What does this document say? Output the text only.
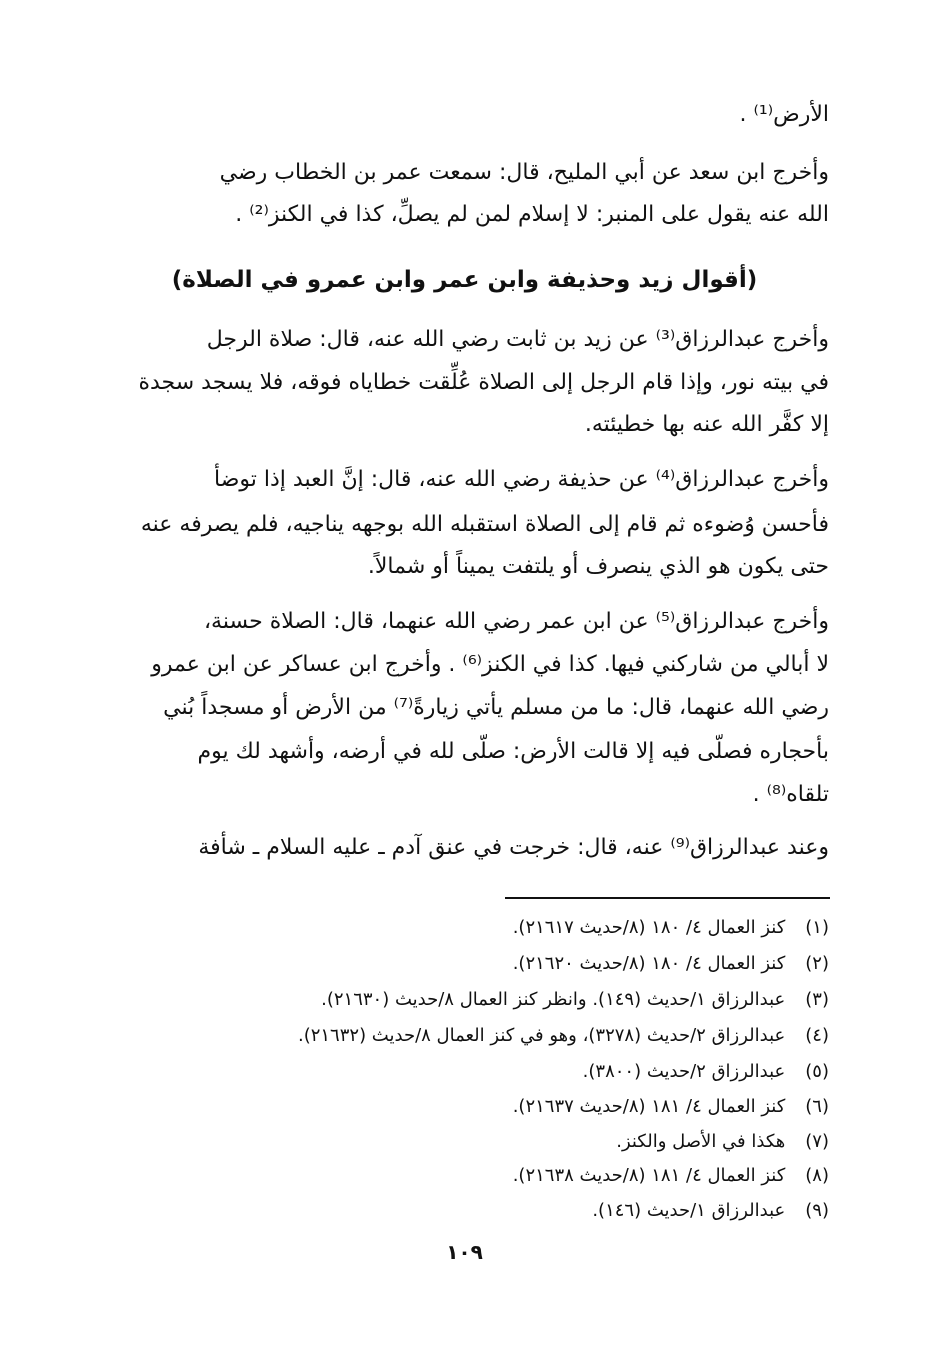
الأرض⁽¹⁾ .
وأخرج ابن سعد عن أبي المليح، قال: سمعت عمر بن الخطاب رضي
الله عنه يقول على المنبر: لا إسلام لمن لم يصلِّ، كذا في الكنز⁽²⁾ .
(أقوال زيد وحذيفة وابن عمر وابن عمرو في الصلاة)
وأخرج عبدالرزاق⁽³⁾ عن زيد بن ثابت رضي الله عنه، قال: صلاة الرجل
في بيته نور، وإذا قام الرجل إلى الصلاة عُلِّقت خطاياه فوقه، فلا يسجد سجدة
إلا كفَّر الله عنه بها خطيئته.
وأخرج عبدالرزاق⁽⁴⁾ عن حذيفة رضي الله عنه، قال: إنَّ العبد إذا توضأ
فأحسن وُضوءه ثم قام إلى الصلاة استقبله الله بوجهه يناجيه، فلم يصرفه عنه
حتى يكون هو الذي ينصرف أو يلتفت يميناً أو شمالاً.
وأخرج عبدالرزاق⁽⁵⁾ عن ابن عمر رضي الله عنهما، قال: الصلاة حسنة،
لا أبالي من شاركني فيها. كذا في الكنز⁽⁶⁾ . وأخرج ابن عساكر عن ابن عمرو
رضي الله عنهما، قال: ما من مسلم يأتي زيارةً⁽⁷⁾ من الأرض أو مسجداً بُني
بأحجاره فصلّى فيه إلا قالت الأرض: صلّى لله في أرضه، وأشهد لك يوم
تلقاه⁽⁸⁾ .
وعند عبدالرزاق⁽⁹⁾ عنه، قال: خرجت في عنق آدم ـ عليه السلام ـ شأفة
(١) كنز العمال ٤/ ١٨٠ (٨/حديث ٢١٦١٧).
(٢) كنز العمال ٤/ ١٨٠ (٨/حديث ٢١٦٢٠).
(٣) عبدالرزاق ١/حديث (١٤٩). وانظر كنز العمال ٨/حديث (٢١٦٣٠).
(٤) عبدالرزاق ٢/حديث (٣٢٧٨)، وهو في كنز العمال ٨/حديث (٢١٦٣٢).
(٥) عبدالرزاق ٢/حديث (٣٨٠٠).
(٦) كنز العمال ٤/ ١٨١ (٨/حديث ٢١٦٣٧).
(٧) هكذا في الأصل والكنز.
(٨) كنز العمال ٤/ ١٨١ (٨/حديث ٢١٦٣٨).
(٩) عبدالرزاق ١/حديث (١٤٦).
١٠٩
